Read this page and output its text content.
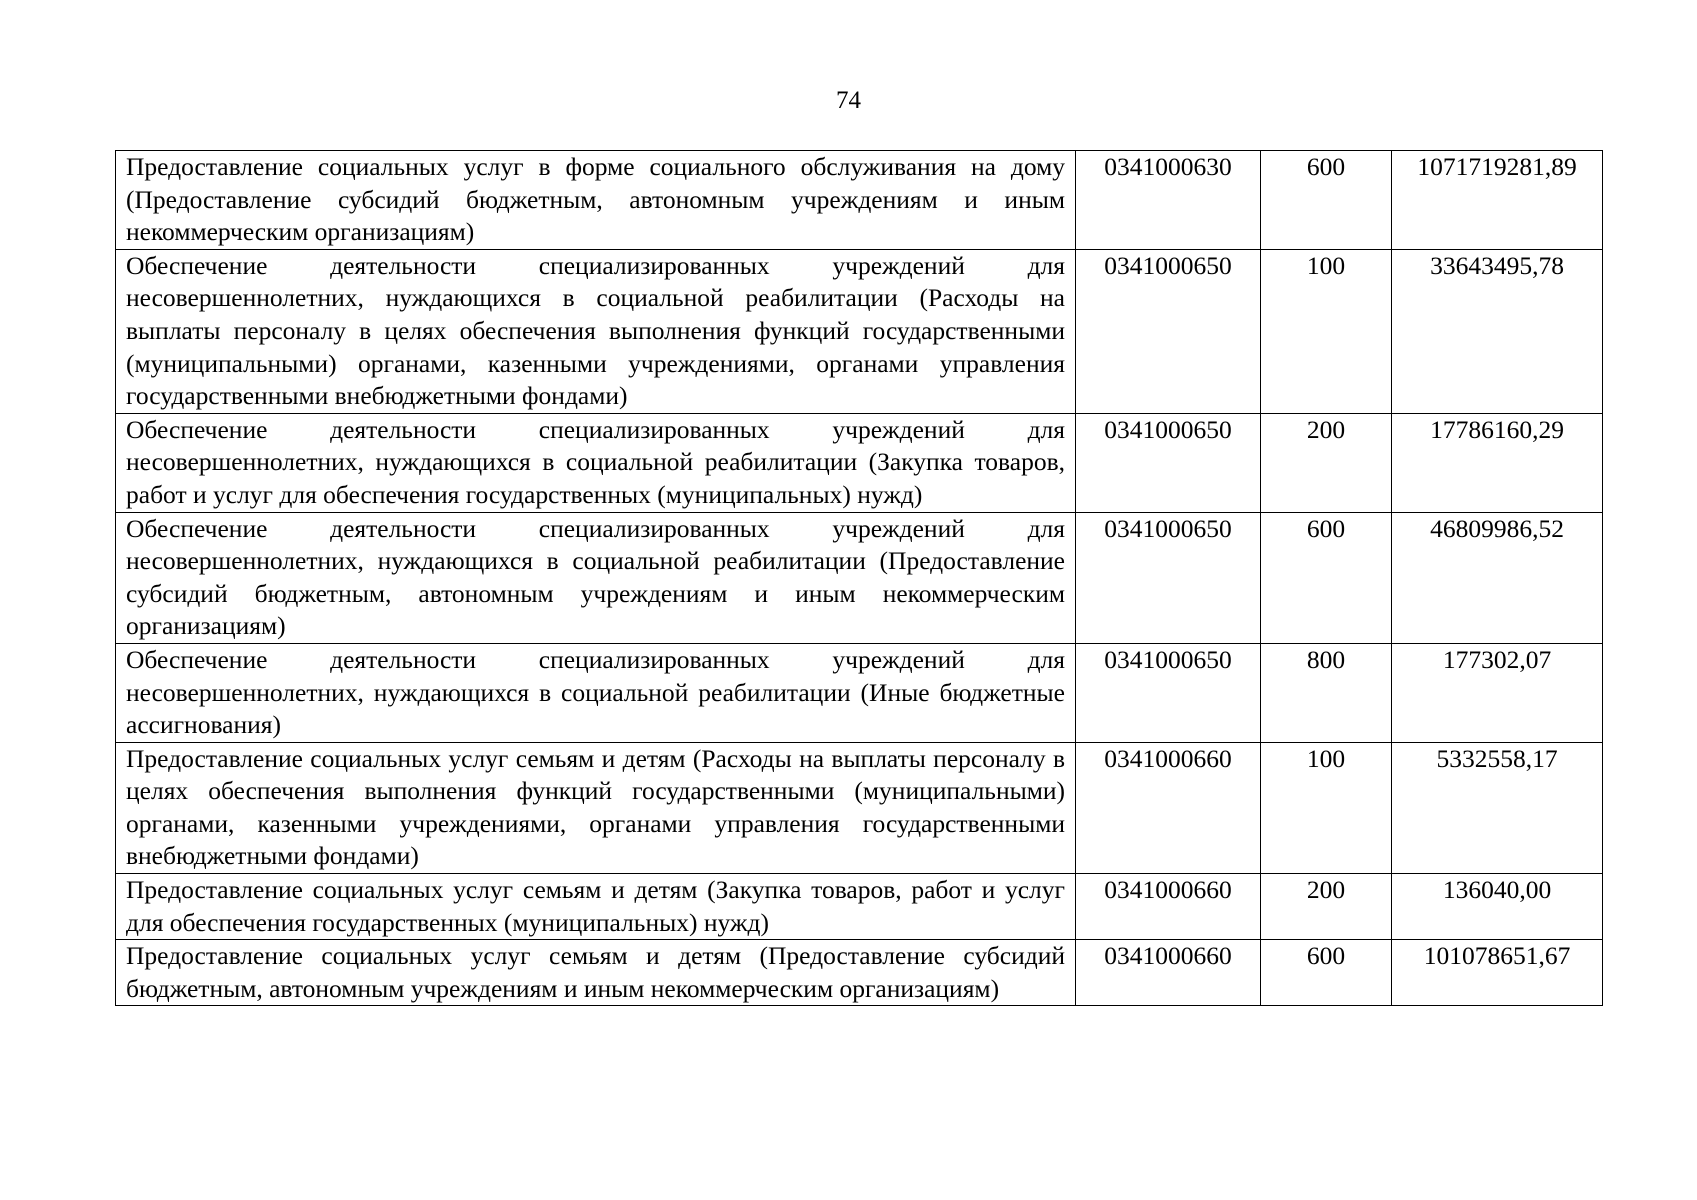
74
Предоставление социальных услуг в форме социального обслуживания на дому (Предоставление субсидий бюджетным, автономным учреждениям и иным некоммерческим организациям)	0341000630	600	1071719281,89
Обеспечение деятельности специализированных учреждений для несовершеннолетних, нуждающихся в социальной реабилитации (Расходы на выплаты персоналу в целях обеспечения выполнения функций государственными (муниципальными) органами, казенными учреждениями, органами управления государственными внебюджетными фондами)	0341000650	100	33643495,78
Обеспечение деятельности специализированных учреждений для несовершеннолетних, нуждающихся в социальной реабилитации (Закупка товаров, работ и услуг для обеспечения государственных (муниципальных) нужд)	0341000650	200	17786160,29
Обеспечение деятельности специализированных учреждений для несовершеннолетних, нуждающихся в социальной реабилитации (Предоставление субсидий бюджетным, автономным учреждениям и иным некоммерческим организациям)	0341000650	600	46809986,52
Обеспечение деятельности специализированных учреждений для несовершеннолетних, нуждающихся в социальной реабилитации (Иные бюджетные ассигнования)	0341000650	800	177302,07
Предоставление социальных услуг семьям и детям (Расходы на выплаты персоналу в целях обеспечения выполнения функций государственными (муниципальными) органами, казенными учреждениями, органами управления государственными внебюджетными фондами)	0341000660	100	5332558,17
Предоставление социальных услуг семьям и детям (Закупка товаров, работ и услуг для обеспечения государственных (муниципальных) нужд)	0341000660	200	136040,00
Предоставление социальных услуг семьям и детям (Предоставление субсидий бюджетным, автономным учреждениям и иным некоммерческим организациям)	0341000660	600	101078651,67
